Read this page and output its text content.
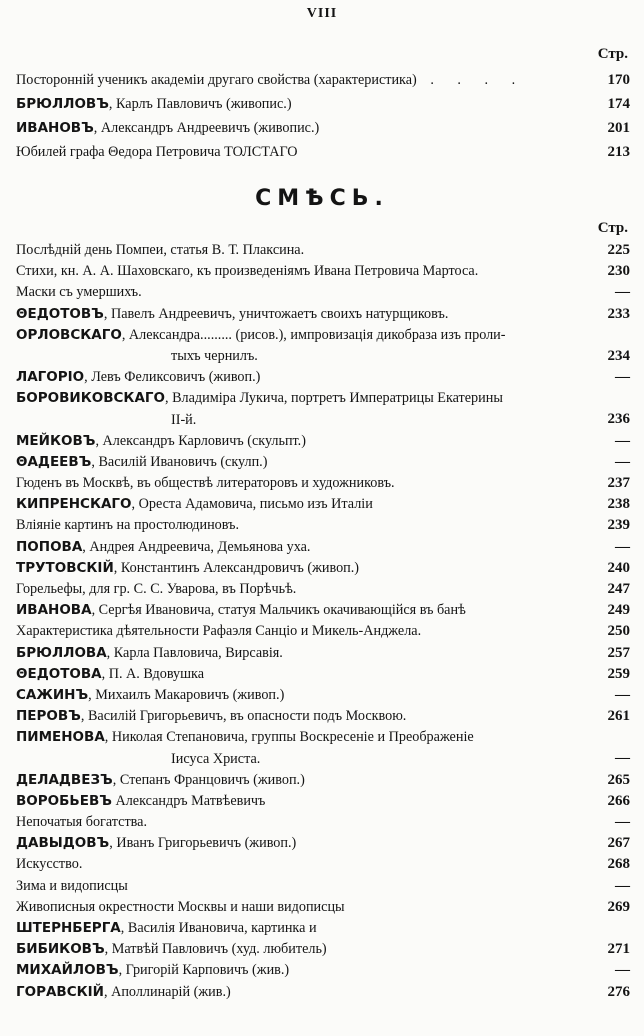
VIII
Стр.
Посторонній ученикъ академіи другаго свойства (характеристика) . . . .	170
БРЮЛЛОВЪ, Карлъ Павловичъ (живопис.)	174
ИВАНОВЪ, Александръ Андреевичъ (живопис.)	201
Юбилей графа Θедора Петровича ТОЛСТАГО	213
СМѢСЬ.
Стр.
Послѣдній день Помпеи, статья В. Т. Плаксина.	225
Стихи, кн. А. А. Шаховскаго, къ произведеніямъ Ивана Петровича Мартоса.	230
Маски съ умершихъ.	—
ΘЕДОТОВЪ, Павелъ Андреевичъ, уничтожаетъ своихъ натурщиковъ.	233
ОРЛОВСКАГО, Александра......... (рисов.), импровизація дикобраза изъ проли-
тыхъ чернилъ.	234
ЛАГОРІО, Левъ Феликсовичъ (живоп.)	—
БОРОВИКОВСКАГО, Владиміра Лукича, портретъ Императрицы Екатерины
II-й.	236
МЕЙКОВЪ, Александръ Карловичъ (скульпт.)	—
ΘАДЕЕВЪ, Василій Ивановичъ (скулп.)	—
Гюденъ въ Москвѣ, въ обществѣ литераторовъ и художниковъ.	237
КИПРЕНСКАГО, Ореста Адамовича, письмо изъ Италіи	238
Вліяніе картинъ на простолюдиновъ.	239
ПОПОВА, Андрея Андреевича, Демьянова уха.	—
ТРУТОВСКІЙ, Константинъ Александровичъ (живоп.)	240
Горельефы, для гр. С. С. Уварова, въ Порѣчьѣ.	247
ИВАНОВА, Сергѣя Ивановича, статуя Мальчикъ окачивающійся въ банѣ	249
Характеристика дѣятельности Рафаэля Санціо и Микель-Анджела.	250
БРЮЛЛОВА, Карла Павловича, Вирсавія.	257
ΘЕДОТОВА, П. А. Вдовушка	259
САЖИНЪ, Михаилъ Макаровичъ (живоп.)	—
ПЕРОВЪ, Василій Григорьевичъ, въ опасности подъ Москвою.	261
ПИМЕНОВА, Николая Степановича, группы Воскресеніе и Преображеніе
Іисуса Христа.	—
ДЕЛАДВЕЗЪ, Степанъ Францовичъ (живоп.)	265
ВОРОБЬЕВЪ Александръ Матвѣевичъ	266
Непочатыя богатства.	—
ДАВЫДОВЪ, Иванъ Григорьевичъ (живоп.)	267
Искусство.	268
Зима и видописцы	—
Живописныя окрестности Москвы и наши видописцы	269
ШТЕРНБЕРГА, Василія Ивановича, картинка и
БИБИКОВЪ, Матвѣй Павловичъ (худ. любитель)	271
МИХАЙЛОВЪ, Григорій Карповичъ (жив.)	—
ГОРАВСКІЙ, Аполлинарій (жив.)	276
